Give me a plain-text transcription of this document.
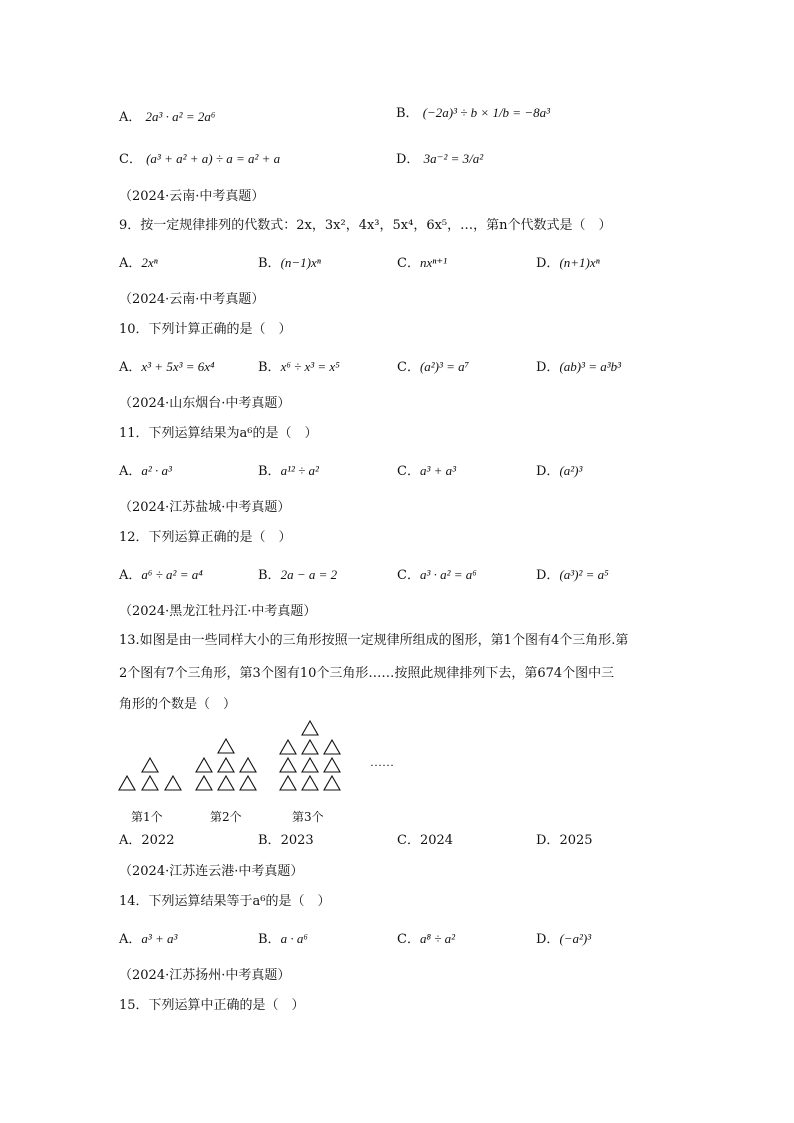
A． 2a³ · a² = 2a⁶	B． (−2a)³ ÷ b × 1/b = −8a³
C． (a³ + a² + a) ÷ a = a² + a	D． 3a⁻² = 3/a²
（2024·云南·中考真题）
9．按一定规律排列的代数式：2x，3x²，4x³，5x⁴，6x⁵，…，第n个代数式是（　）
A．2xⁿ	B．(n−1)xⁿ	C．nxⁿ⁺¹	D．(n+1)xⁿ
（2024·云南·中考真题）
10．下列计算正确的是（　）
A．x³ + 5x³ = 6x⁴	B．x⁶ ÷ x³ = x⁵	C．(a²)³ = a⁷	D．(ab)³ = a³b³
（2024·山东烟台·中考真题）
11．下列运算结果为a⁶的是（　）
A．a² · a³	B．a¹² ÷ a²	C．a³ + a³	D．(a²)³
（2024·江苏盐城·中考真题）
12．下列运算正确的是（　）
A．a⁶ ÷ a² = a⁴	B．2a − a = 2	C．a³ · a² = a⁶	D．(a³)² = a⁵
（2024·黑龙江牡丹江·中考真题）
13.如图是由一些同样大小的三角形按照一定规律所组成的图形，第1个图有4个三角形.第
2个图有7个三角形，第3个图有10个三角形……按照此规律排列下去，第674个图中三
角形的个数是（　）
……
第1个	第2个	第3个
A．2022	B．2023	C．2024	D．2025
（2024·江苏连云港·中考真题）
14．下列运算结果等于a⁶的是（　）
A．a³ + a³	B．a · a⁶	C．a⁸ ÷ a²	D．(−a²)³
（2024·江苏扬州·中考真题）
15．下列运算中正确的是（　）
